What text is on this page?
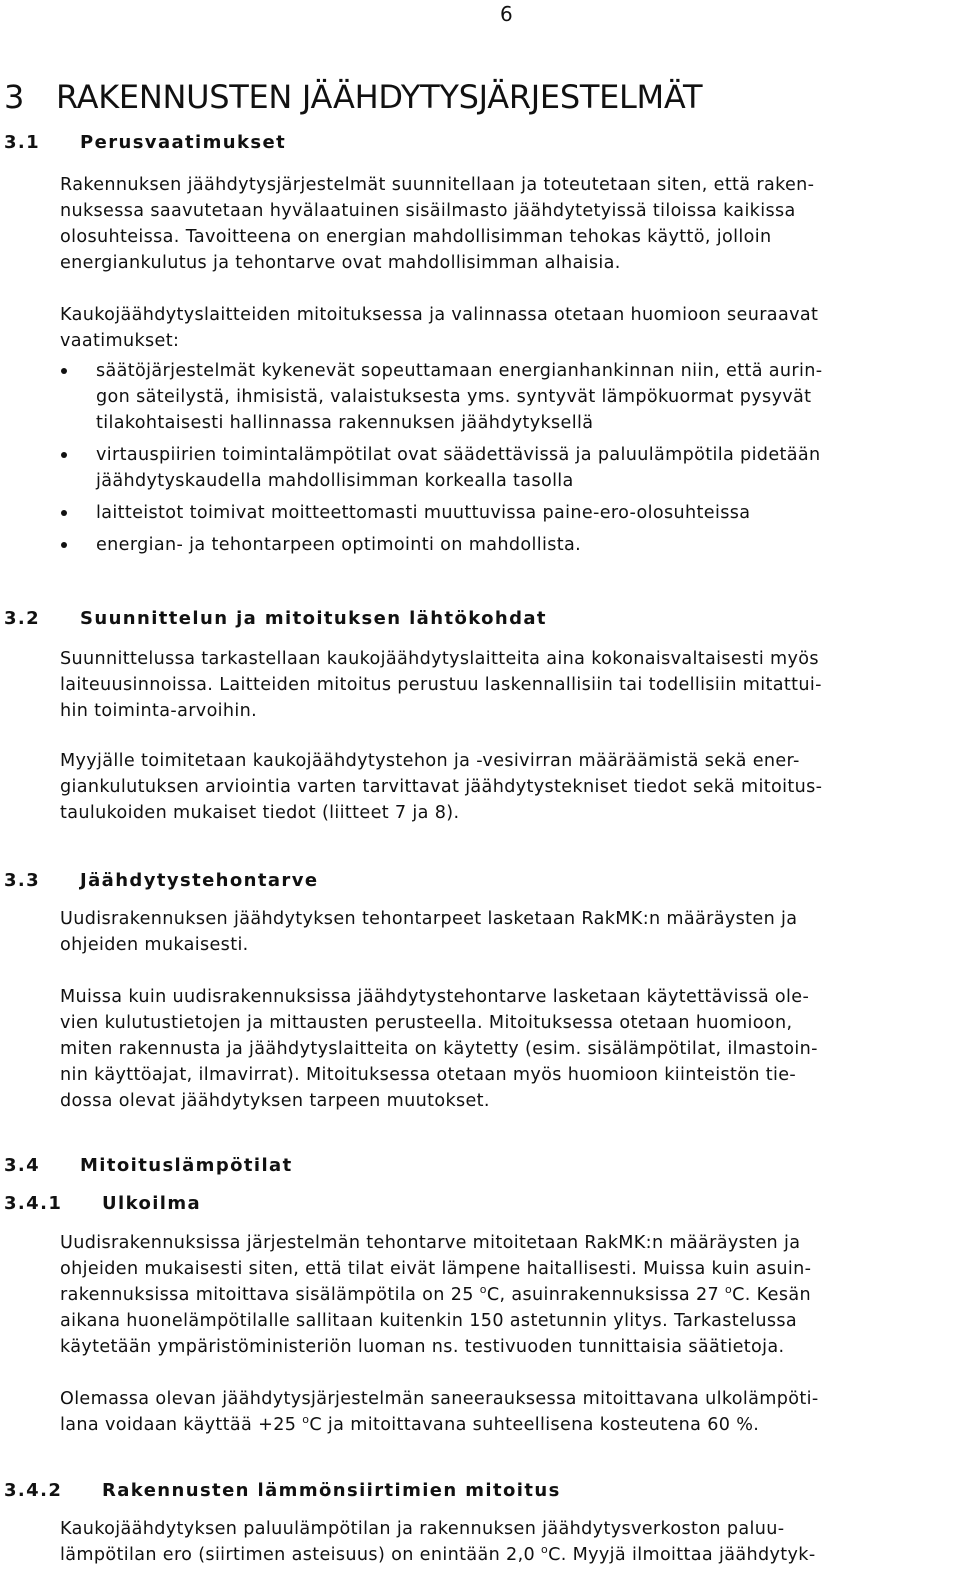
6
3 RAKENNUSTEN JÄÄHDYTYSJÄRJESTELMÄT
3.1 Perusvaatimukset
Rakennuksen jäähdytysjärjestelmät suunnitellaan ja toteutetaan siten, että raken-
nuksessa saavutetaan hyvälaatuinen sisäilmasto jäähdytetyissä tiloissa kaikissa
olosuhteissa. Tavoitteena on energian mahdollisimman tehokas käyttö, jolloin
energiankulutus ja tehontarve ovat mahdollisimman alhaisia.
Kaukojäähdytyslaitteiden mitoituksessa ja valinnassa otetaan huomioon seuraavat
vaatimukset:
säätöjärjestelmät kykenevät sopeuttamaan energianhankinnan niin, että aurin-
gon säteilystä, ihmisistä, valaistuksesta yms. syntyvät lämpökuormat pysyvät
tilakohtaisesti hallinnassa rakennuksen jäähdytyksellä
virtauspiirien toimintalämpötilat ovat säädettävissä ja paluulämpötila pidetään
jäähdytyskaudella mahdollisimman korkealla tasolla
laitteistot toimivat moitteettomasti muuttuvissa paine-ero-olosuhteissa
energian- ja tehontarpeen optimointi on mahdollista.
3.2 Suunnittelun ja mitoituksen lähtökohdat
Suunnittelussa tarkastellaan kaukojäähdytyslaitteita aina kokonaisvaltaisesti myös
laiteuusinnoissa. Laitteiden mitoitus perustuu laskennallisiin tai todellisiin mitattui-
hin toiminta-arvoihin.
Myyjälle toimitetaan kaukojäähdytystehon ja -vesivirran määräämistä sekä ener-
giankulutuksen arviointia varten tarvittavat jäähdytystekniset tiedot sekä mitoitus-
taulukoiden mukaiset tiedot (liitteet 7 ja 8).
3.3 Jäähdytystehontarve
Uudisrakennuksen jäähdytyksen tehontarpeet lasketaan RakMK:n määräysten ja
ohjeiden mukaisesti.
Muissa kuin uudisrakennuksissa jäähdytystehontarve lasketaan käytettävissä ole-
vien kulutustietojen ja mittausten perusteella. Mitoituksessa otetaan huomioon,
miten rakennusta ja jäähdytyslaitteita on käytetty (esim. sisälämpötilat, ilmastoin-
nin käyttöajat, ilmavirrat). Mitoituksessa otetaan myös huomioon kiinteistön tie-
dossa olevat jäähdytyksen tarpeen muutokset.
3.4 Mitoituslämpötilat
3.4.1 Ulkoilma
Uudisrakennuksissa järjestelmän tehontarve mitoitetaan RakMK:n määräysten ja
ohjeiden mukaisesti siten, että tilat eivät lämpene haitallisesti. Muissa kuin asuin-
rakennuksissa mitoittava sisälämpötila on 25 $^o$C, asuinrakennuksissa 27 $^o$C. Kesän
aikana huonelämpötilalle sallitaan kuitenkin 150 astetunnin ylitys. Tarkastelussa
käytetään ympäristöministeriön luoman ns. testivuoden tunnittaisia säätietoja.
Olemassa olevan jäähdytysjärjestelmän saneerauksessa mitoittavana ulkolämpöti-
lana voidaan käyttää +25 $^o$C ja mitoittavana suhteellisena kosteutena 60 %.
3.4.2 Rakennusten lämmönsiirtimien mitoitus
Kaukojäähdytyksen paluulämpötilan ja rakennuksen jäähdytysverkoston paluu-
lämpötilan ero (siirtimen asteisuus) on enintään 2,0 $^o$C. Myyjä ilmoittaa jäähdytyk-
